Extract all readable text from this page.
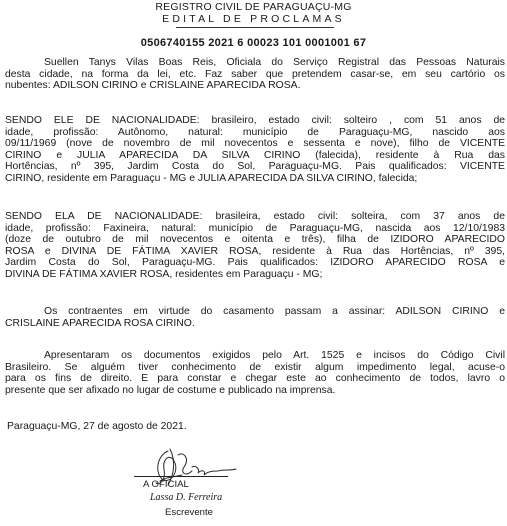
REGISTRO CIVIL DE PARAGUAÇU-MG
EDITAL DE PROCLAMAS
0506740155 2021 6 00023 101 0001001 67
Suellen Tanys Vilas Boas Reis, Oficiala do Serviço Registral das Pessoas Naturais
desta cidade, na forma da lei, etc. Faz saber que pretendem casar-se, em seu cartório os
nubentes: ADILSON CIRINO e CRISLAINE APARECIDA ROSA.
SENDO ELE DE NACIONALIDADE: brasileiro, estado civil: solteiro , com 51 anos de
idade, profissão: Autônomo, natural: município de Paraguaçu-MG, nascido aos
09/11/1969 (nove de novembro de mil novecentos e sessenta e nove), filho de VICENTE
CIRINO e JULIA APARECIDA DA SILVA CIRINO (falecida), residente à Rua das
Hortências, nº 395, Jardim Costa do Sol, Paraguaçu-MG. Pais qualificados: VICENTE
CIRINO, residente em Paraguaçu - MG e JULIA APARECIDA DA SILVA CIRINO, falecida;
SENDO ELA DE NACIONALIDADE: brasileira, estado civil: solteira, com 37 anos de
idade, profissão: Faxineira, natural: município de Paraguaçu-MG, nascida aos 12/10/1983
(doze de outubro de mil novecentos e oitenta e três), filha de IZIDORO APARECIDO
ROSA e DIVINA DE FÁTIMA XAVIER ROSA, residente à Rua das Hortências, nº 395,
Jardim Costa do Sol, Paraguaçu-MG. Pais qualificados: IZIDORO APARECIDO ROSA e
DIVINA DE FÁTIMA XAVIER ROSA, residentes em Paraguaçu - MG;
Os contraentes em virtude do casamento passam a assinar: ADILSON CIRINO e
CRISLAINE APARECIDA ROSA CIRINO.
Apresentaram os documentos exigidos pelo Art. 1525 e incisos do Código Civil
Brasileiro. Se alguém tiver conhecimento de existir algum impedimento legal, acuse-o
para os fins de direito. E para constar e chegar este ao conhecimento de todos, lavro o
presente que ser afixado no lugar de costume e publicado na imprensa.
Paraguaçu-MG, 27 de agosto de 2021.
A OFICIAL
Lassa D. Ferreira
Escrevente
